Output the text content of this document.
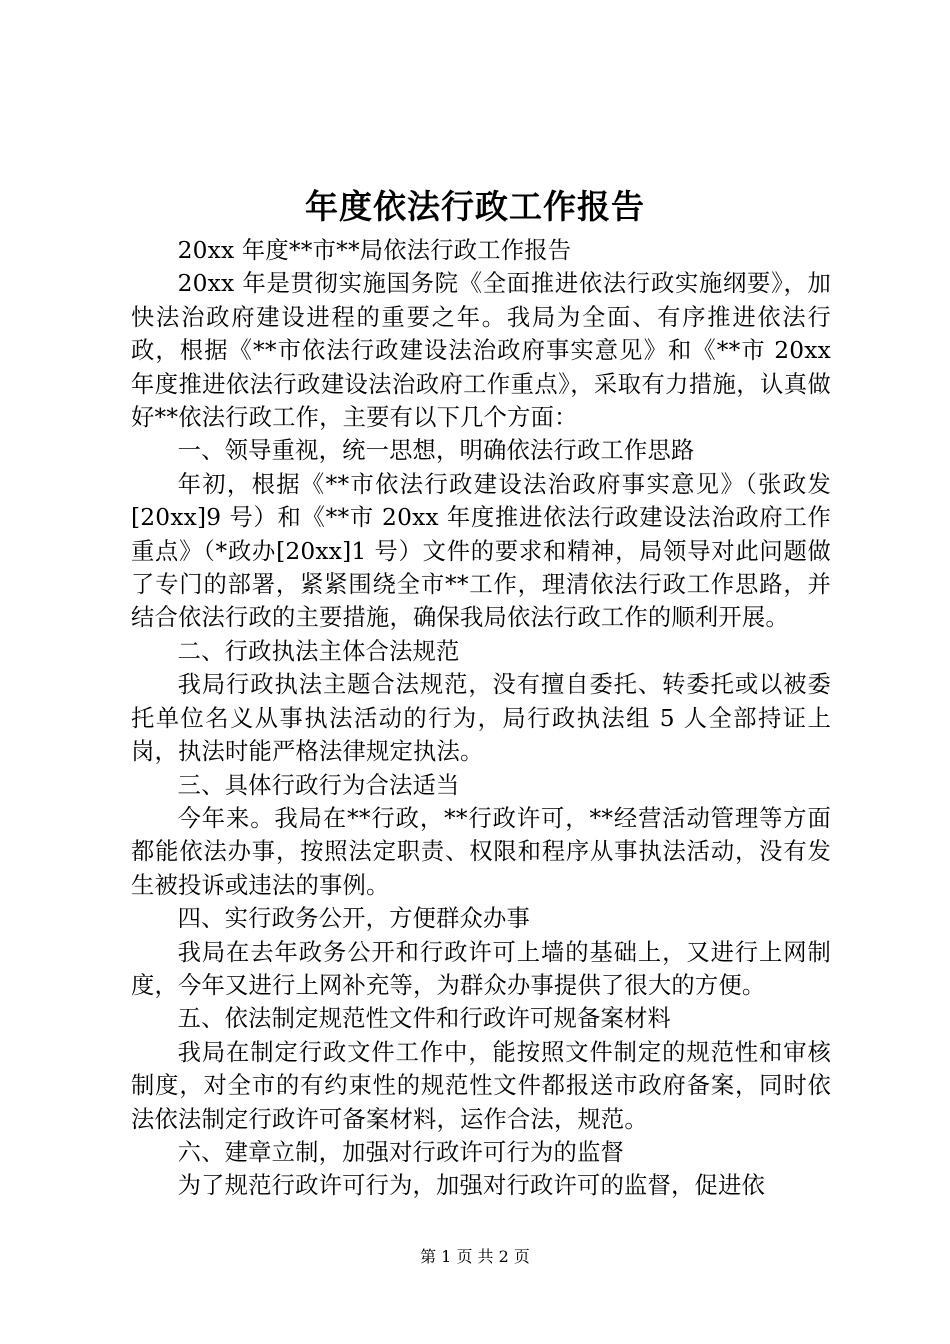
年度依法行政工作报告

20xx 年度**市**局依法行政工作报告

20xx 年是贯彻实施国务院《全面推进依法行政实施纲要》，加快法治政府建设进程的重要之年。我局为全面、有序推进依法行政，根据《**市依法行政建设法治政府事实意见》和《**市 20xx 年度推进依法行政建设法治政府工作重点》，采取有力措施，认真做好**依法行政工作，主要有以下几个方面：

一、领导重视，统一思想，明确依法行政工作思路

年初，根据《**市依法行政建设法治政府事实意见》（张政发[20xx]9 号）和《**市 20xx 年度推进依法行政建设法治政府工作重点》（*政办[20xx]1 号）文件的要求和精神，局领导对此问题做了专门的部署，紧紧围绕全市**工作，理清依法行政工作思路，并结合依法行政的主要措施，确保我局依法行政工作的顺利开展。

二、行政执法主体合法规范

我局行政执法主题合法规范，没有擅自委托、转委托或以被委托单位名义从事执法活动的行为，局行政执法组 5 人全部持证上岗，执法时能严格法律规定执法。

三、具体行政行为合法适当

今年来。我局在**行政，**行政许可，**经营活动管理等方面都能依法办事，按照法定职责、权限和程序从事执法活动，没有发生被投诉或违法的事例。

四、实行政务公开，方便群众办事

我局在去年政务公开和行政许可上墙的基础上，又进行上网制度，今年又进行上网补充等，为群众办事提供了很大的方便。

五、依法制定规范性文件和行政许可规备案材料

我局在制定行政文件工作中，能按照文件制定的规范性和审核制度，对全市的有约束性的规范性文件都报送市政府备案，同时依法依法制定行政许可备案材料，运作合法，规范。

六、建章立制，加强对行政许可行为的监督

为了规范行政许可行为，加强对行政许可的监督，促进依

第 1 页 共 2 页
